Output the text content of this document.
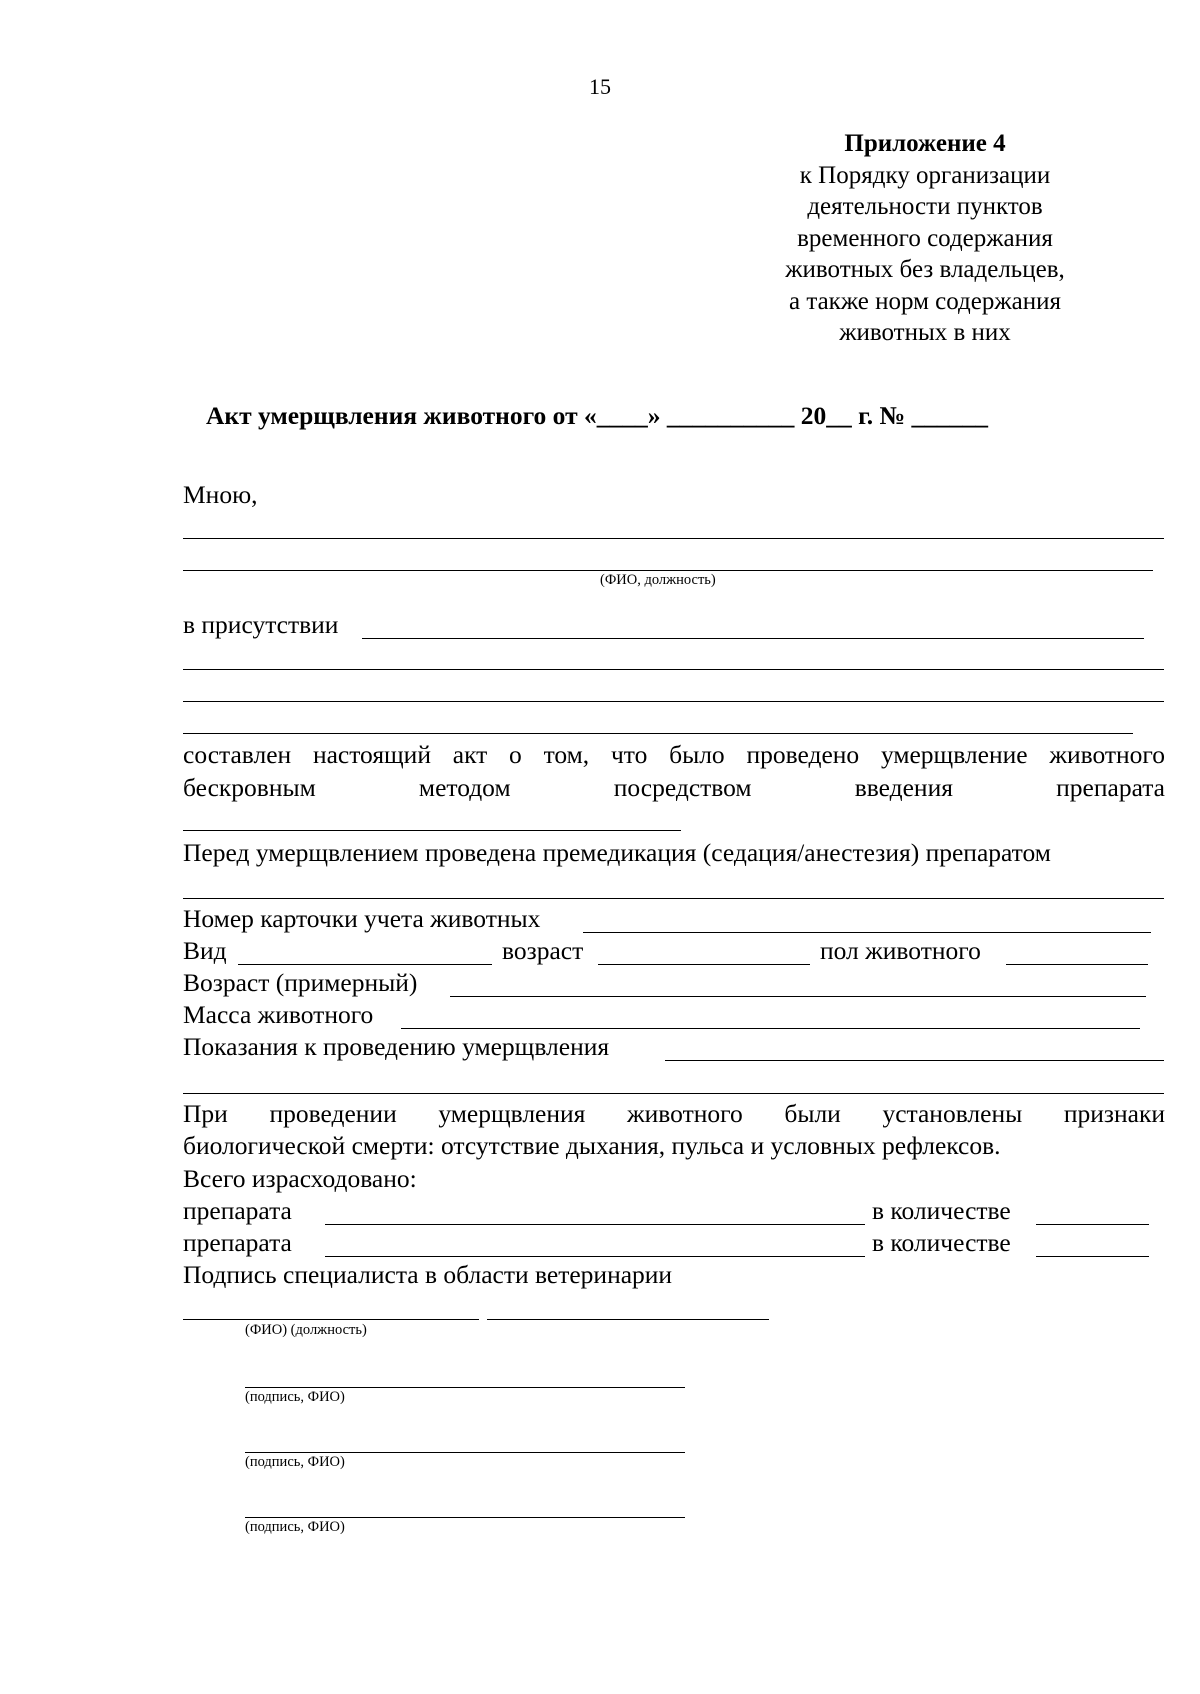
15
Приложение 4
к Порядку организации
деятельности пунктов
временного содержания
животных без владельцев,
а также норм содержания
животных в них
Акт умерщвления животного от «____» __________ 20__ г. № ______
Мною,
(ФИО, должность)
в присутствии
составлен настоящий акт о том, что было проведено умерщвление животного
бескровным методом посредством введения препарата
Перед умерщвлением проведена премедикация (седация/анестезия) препаратом
Номер карточки учета животных
Вид	возраст	пол животного
Возраст (примерный)
Масса животного
Показания к проведению умерщвления
При проведении умерщвления животного были установлены признаки
биологической смерти: отсутствие дыхания, пульса и условных рефлексов.
Всего израсходовано:
препарата	в количестве
препарата	в количестве
Подпись специалиста в области ветеринарии
(ФИО) (должность)
(подпись, ФИО)
(подпись, ФИО)
(подпись, ФИО)
